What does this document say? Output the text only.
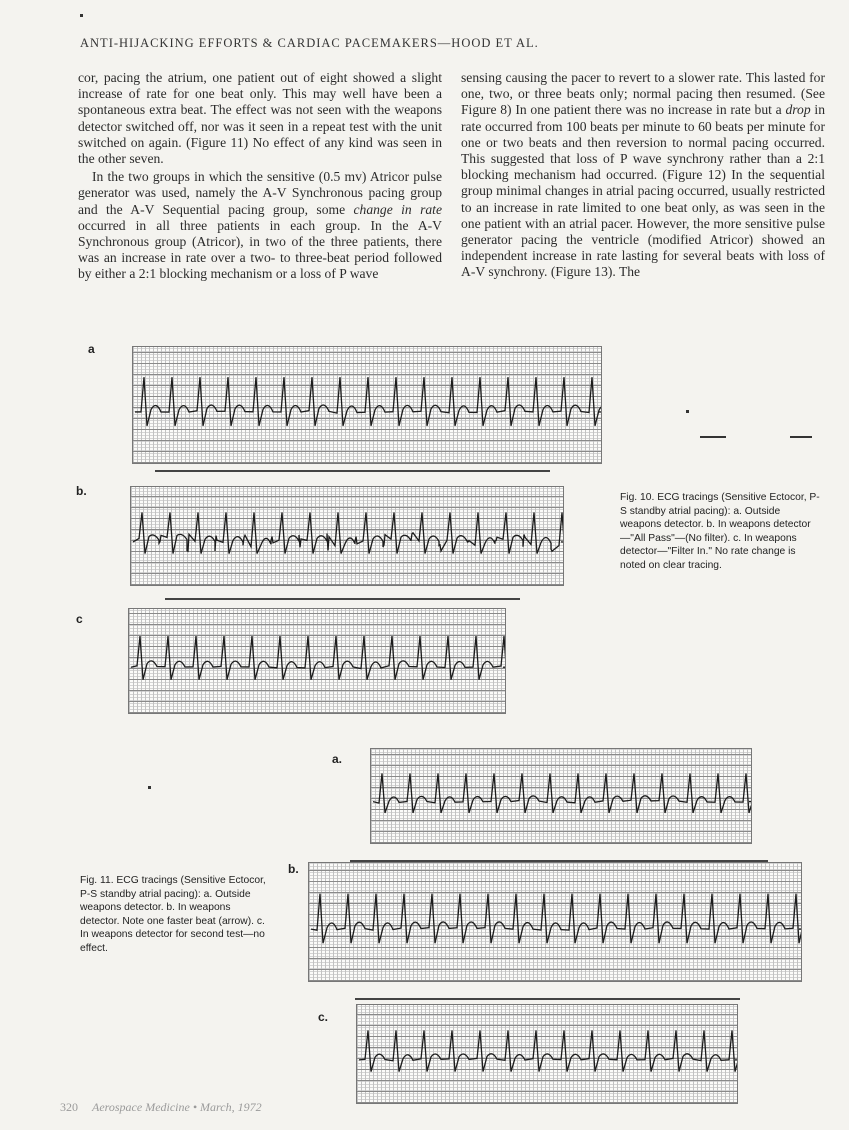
ANTI-HIJACKING EFFORTS & CARDIAC PACEMAKERS—HOOD ET AL.

cor, pacing the atrium, one patient out of eight showed a slight increase of rate for one beat only. This may well have been a spontaneous extra beat. The effect was not seen with the weapons detector switched off, nor was it seen in a repeat test with the unit switched on again. (Figure 11) No effect of any kind was seen in the other seven.

In the two groups in which the sensitive (0.5 mv) Atricor pulse generator was used, namely the A-V Synchronous pacing group and the A-V Sequential pacing group, some change in rate occurred in all three patients in each group. In the A-V Synchronous group (Atricor), in two of the three patients, there was an increase in rate over a two- to three-beat period followed by either a 2:1 blocking mechanism or a loss of P wave

sensing causing the pacer to revert to a slower rate. This lasted for one, two, or three beats only; normal pacing then resumed. (See Figure 8) In one patient there was no increase in rate but a drop in rate occurred from 100 beats per minute to 60 beats per minute for one or two beats and then reversion to normal pacing occurred. This suggested that loss of P wave synchrony rather than a 2:1 blocking mechanism had occurred. (Figure 12) In the sequential group minimal changes in atrial pacing occurred, usually restricted to an increase in rate limited to one beat only, as was seen in the one patient with an atrial pacer. However, the more sensitive pulse generator pacing the ventricle (modified Atricor) showed an independent increase in rate lasting for several beats with loss of A-V synchrony. (Figure 13). The

a
b.
c
Fig. 10. ECG tracings (Sensitive Ectocor, P-S standby atrial pacing): a. Outside weapons detector. b. In weapons detector—"All Pass"—(No filter). c. In weapons detector—"Filter In." No rate change is noted on clear tracing.
a.
b.
c.
Fig. 11. ECG tracings (Sensitive Ectocor, P-S standby atrial pacing): a. Outside weapons detector. b. In weapons detector. Note one faster beat (arrow). c. In weapons detector for second test—no effect.
320 Aerospace Medicine • March, 1972
